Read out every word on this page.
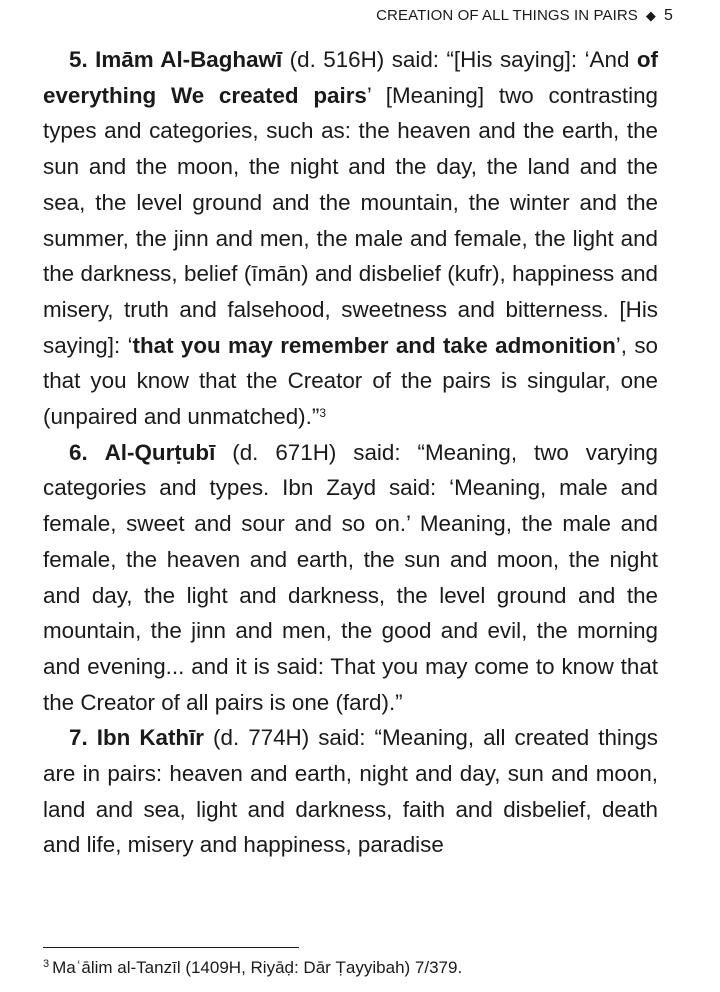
CREATION OF ALL THINGS IN PAIRS ◆ 5

5. Imām Al-Baghawī (d. 516H) said: “[His saying]: ‘And of everything We created pairs’ [Meaning] two contrasting types and categories, such as: the heaven and the earth, the sun and the moon, the night and the day, the land and the sea, the level ground and the mountain, the winter and the summer, the jinn and men, the male and female, the light and the darkness, belief (īmān) and disbelief (kufr), happiness and misery, truth and falsehood, sweetness and bitterness. [His saying]: ‘that you may remember and take admonition’, so that you know that the Creator of the pairs is singular, one (unpaired and unmatched).”$^3$

6. Al-Qurṭubī (d. 671H) said: “Meaning, two varying categories and types. Ibn Zayd said: ‘Meaning, male and female, sweet and sour and so on.’ Meaning, the male and female, the heaven and earth, the sun and moon, the night and day, the light and darkness, the level ground and the mountain, the jinn and men, the good and evil, the morning and evening... and it is said: That you may come to know that the Creator of all pairs is one (fard).”

7. Ibn Kathīr (d. 774H) said: “Meaning, all created things are in pairs: heaven and earth, night and day, sun and moon, land and sea, light and darkness, faith and disbelief, death and life, misery and happiness, paradise

$^3$ Maʿālim al-Tanzīl (1409H, Riyāḍ: Dār Ṭayyibah) 7/379.
